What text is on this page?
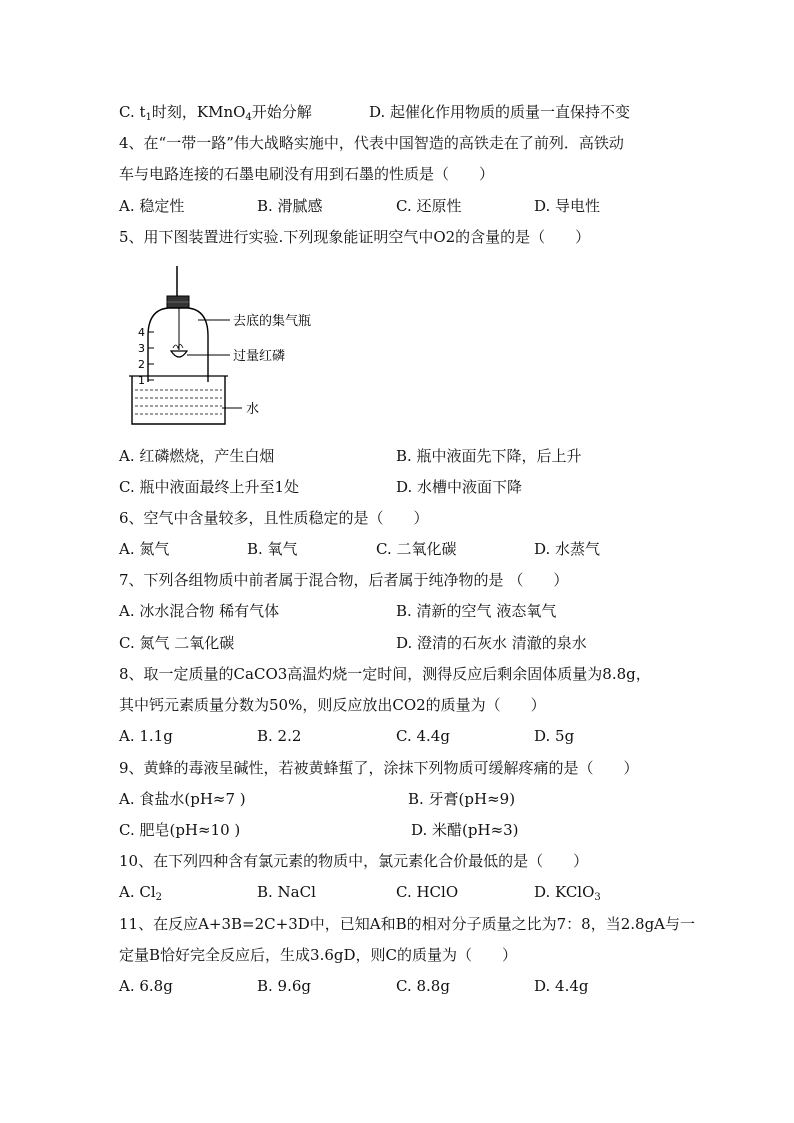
C. $t_1$时刻，KMnO$_4$开始分解	D. 起催化作用物质的质量一直保持不变
4、在“一带一路”伟大战略实施中，代表中国智造的高铁走在了前列．高铁动
车与电路连接的石墨电刷没有用到石墨的性质是（　　）
A. 稳定性	B. 滑腻感	C. 还原性	D. 导电性
5、用下图装置进行实验.下列现象能证明空气中O2的含量的是（　　）
4
3
2
1
去底的集气瓶
过量红磷
水
A. 红磷燃烧，产生白烟	B. 瓶中液面先下降，后上升
C. 瓶中液面最终上升至1处	D. 水槽中液面下降
6、空气中含量较多，且性质稳定的是（　　）
A. 氮气	B. 氧气	C. 二氧化碳	D. 水蒸气
7、下列各组物质中前者属于混合物，后者属于纯净物的是 （　　）
A. 冰水混合物 稀有气体	B. 清新的空气 液态氧气
C. 氮气 二氧化碳	D. 澄清的石灰水 清澈的泉水
8、取一定质量的CaCO3高温灼烧一定时间，测得反应后剩余固体质量为8.8g，
其中钙元素质量分数为50%，则反应放出CO2的质量为（　　）
A. 1.1g	B. 2.2	C. 4.4g	D. 5g
9、黄蜂的毒液呈碱性，若被黄蜂蜇了，涂抹下列物质可缓解疼痛的是（　　）
A. 食盐水(pH≈7 )	B. 牙膏(pH≈9)
C. 肥皂(pH≈10 )	D. 米醋(pH≈3)
10、在下列四种含有氯元素的物质中，氯元素化合价最低的是（　　）
A. $Cl_2$	B. NaCl	C. HClO	D. KClO$_3$
11、在反应A+3B=2C+3D中，已知A和B的相对分子质量之比为7：8，当2.8gA与一
定量B恰好完全反应后，生成3.6gD，则C的质量为（　　）
A. 6.8g	B. 9.6g	C. 8.8g	D. 4.4g
